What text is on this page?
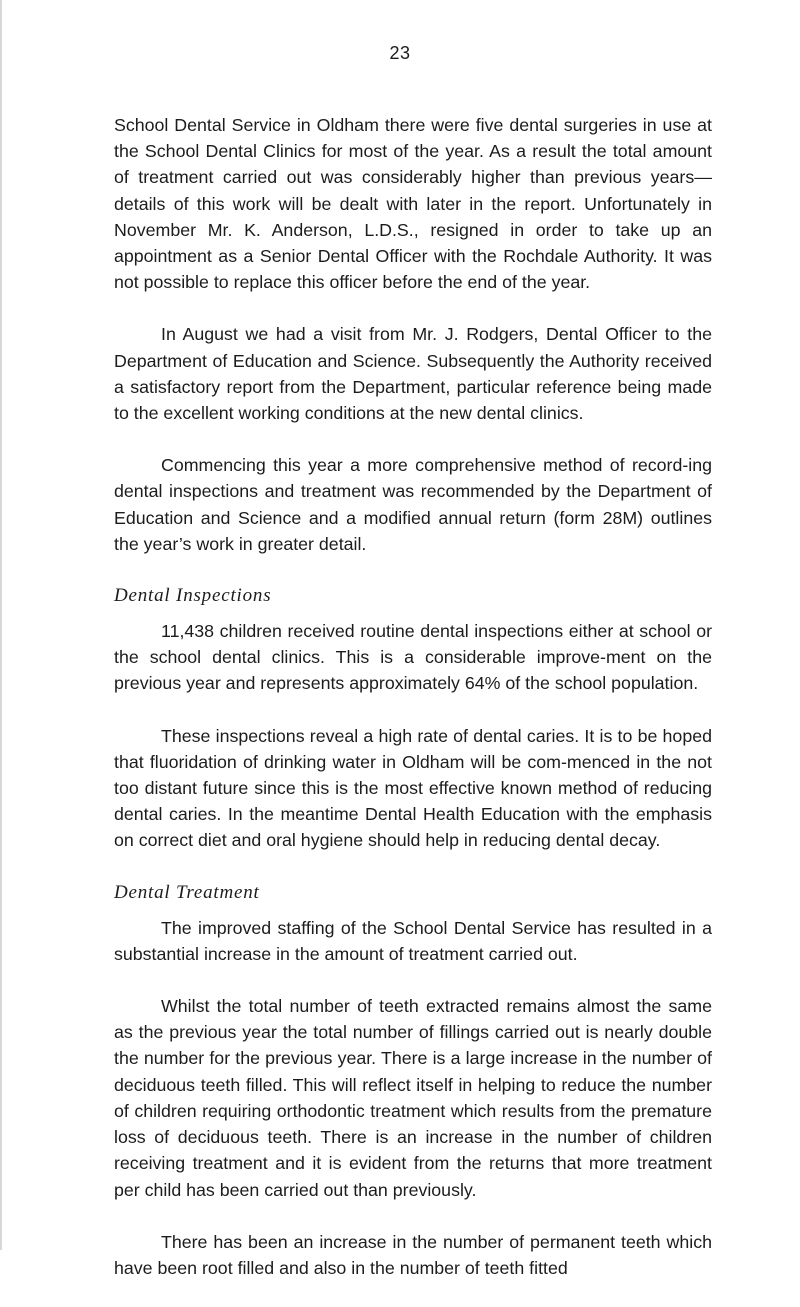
23

School Dental Service in Oldham there were five dental surgeries in use at the School Dental Clinics for most of the year. As a result the total amount of treatment carried out was considerably higher than previous years—details of this work will be dealt with later in the report. Unfortunately in November Mr. K. Anderson, L.D.S., resigned in order to take up an appointment as a Senior Dental Officer with the Rochdale Authority. It was not possible to replace this officer before the end of the year.

In August we had a visit from Mr. J. Rodgers, Dental Officer to the Department of Education and Science. Subsequently the Authority received a satisfactory report from the Department, particular reference being made to the excellent working conditions at the new dental clinics.

Commencing this year a more comprehensive method of record-ing dental inspections and treatment was recommended by the Department of Education and Science and a modified annual return (form 28M) outlines the year’s work in greater detail.

Dental Inspections

11,438 children received routine dental inspections either at school or the school dental clinics. This is a considerable improve-ment on the previous year and represents approximately 64% of the school population.

These inspections reveal a high rate of dental caries. It is to be hoped that fluoridation of drinking water in Oldham will be com-menced in the not too distant future since this is the most effective known method of reducing dental caries. In the meantime Dental Health Education with the emphasis on correct diet and oral hygiene should help in reducing dental decay.

Dental Treatment

The improved staffing of the School Dental Service has resulted in a substantial increase in the amount of treatment carried out.

Whilst the total number of teeth extracted remains almost the same as the previous year the total number of fillings carried out is nearly double the number for the previous year. There is a large increase in the number of deciduous teeth filled. This will reflect itself in helping to reduce the number of children requiring orthodontic treatment which results from the premature loss of deciduous teeth. There is an increase in the number of children receiving treatment and it is evident from the returns that more treatment per child has been carried out than previously.

There has been an increase in the number of permanent teeth which have been root filled and also in the number of teeth fitted
